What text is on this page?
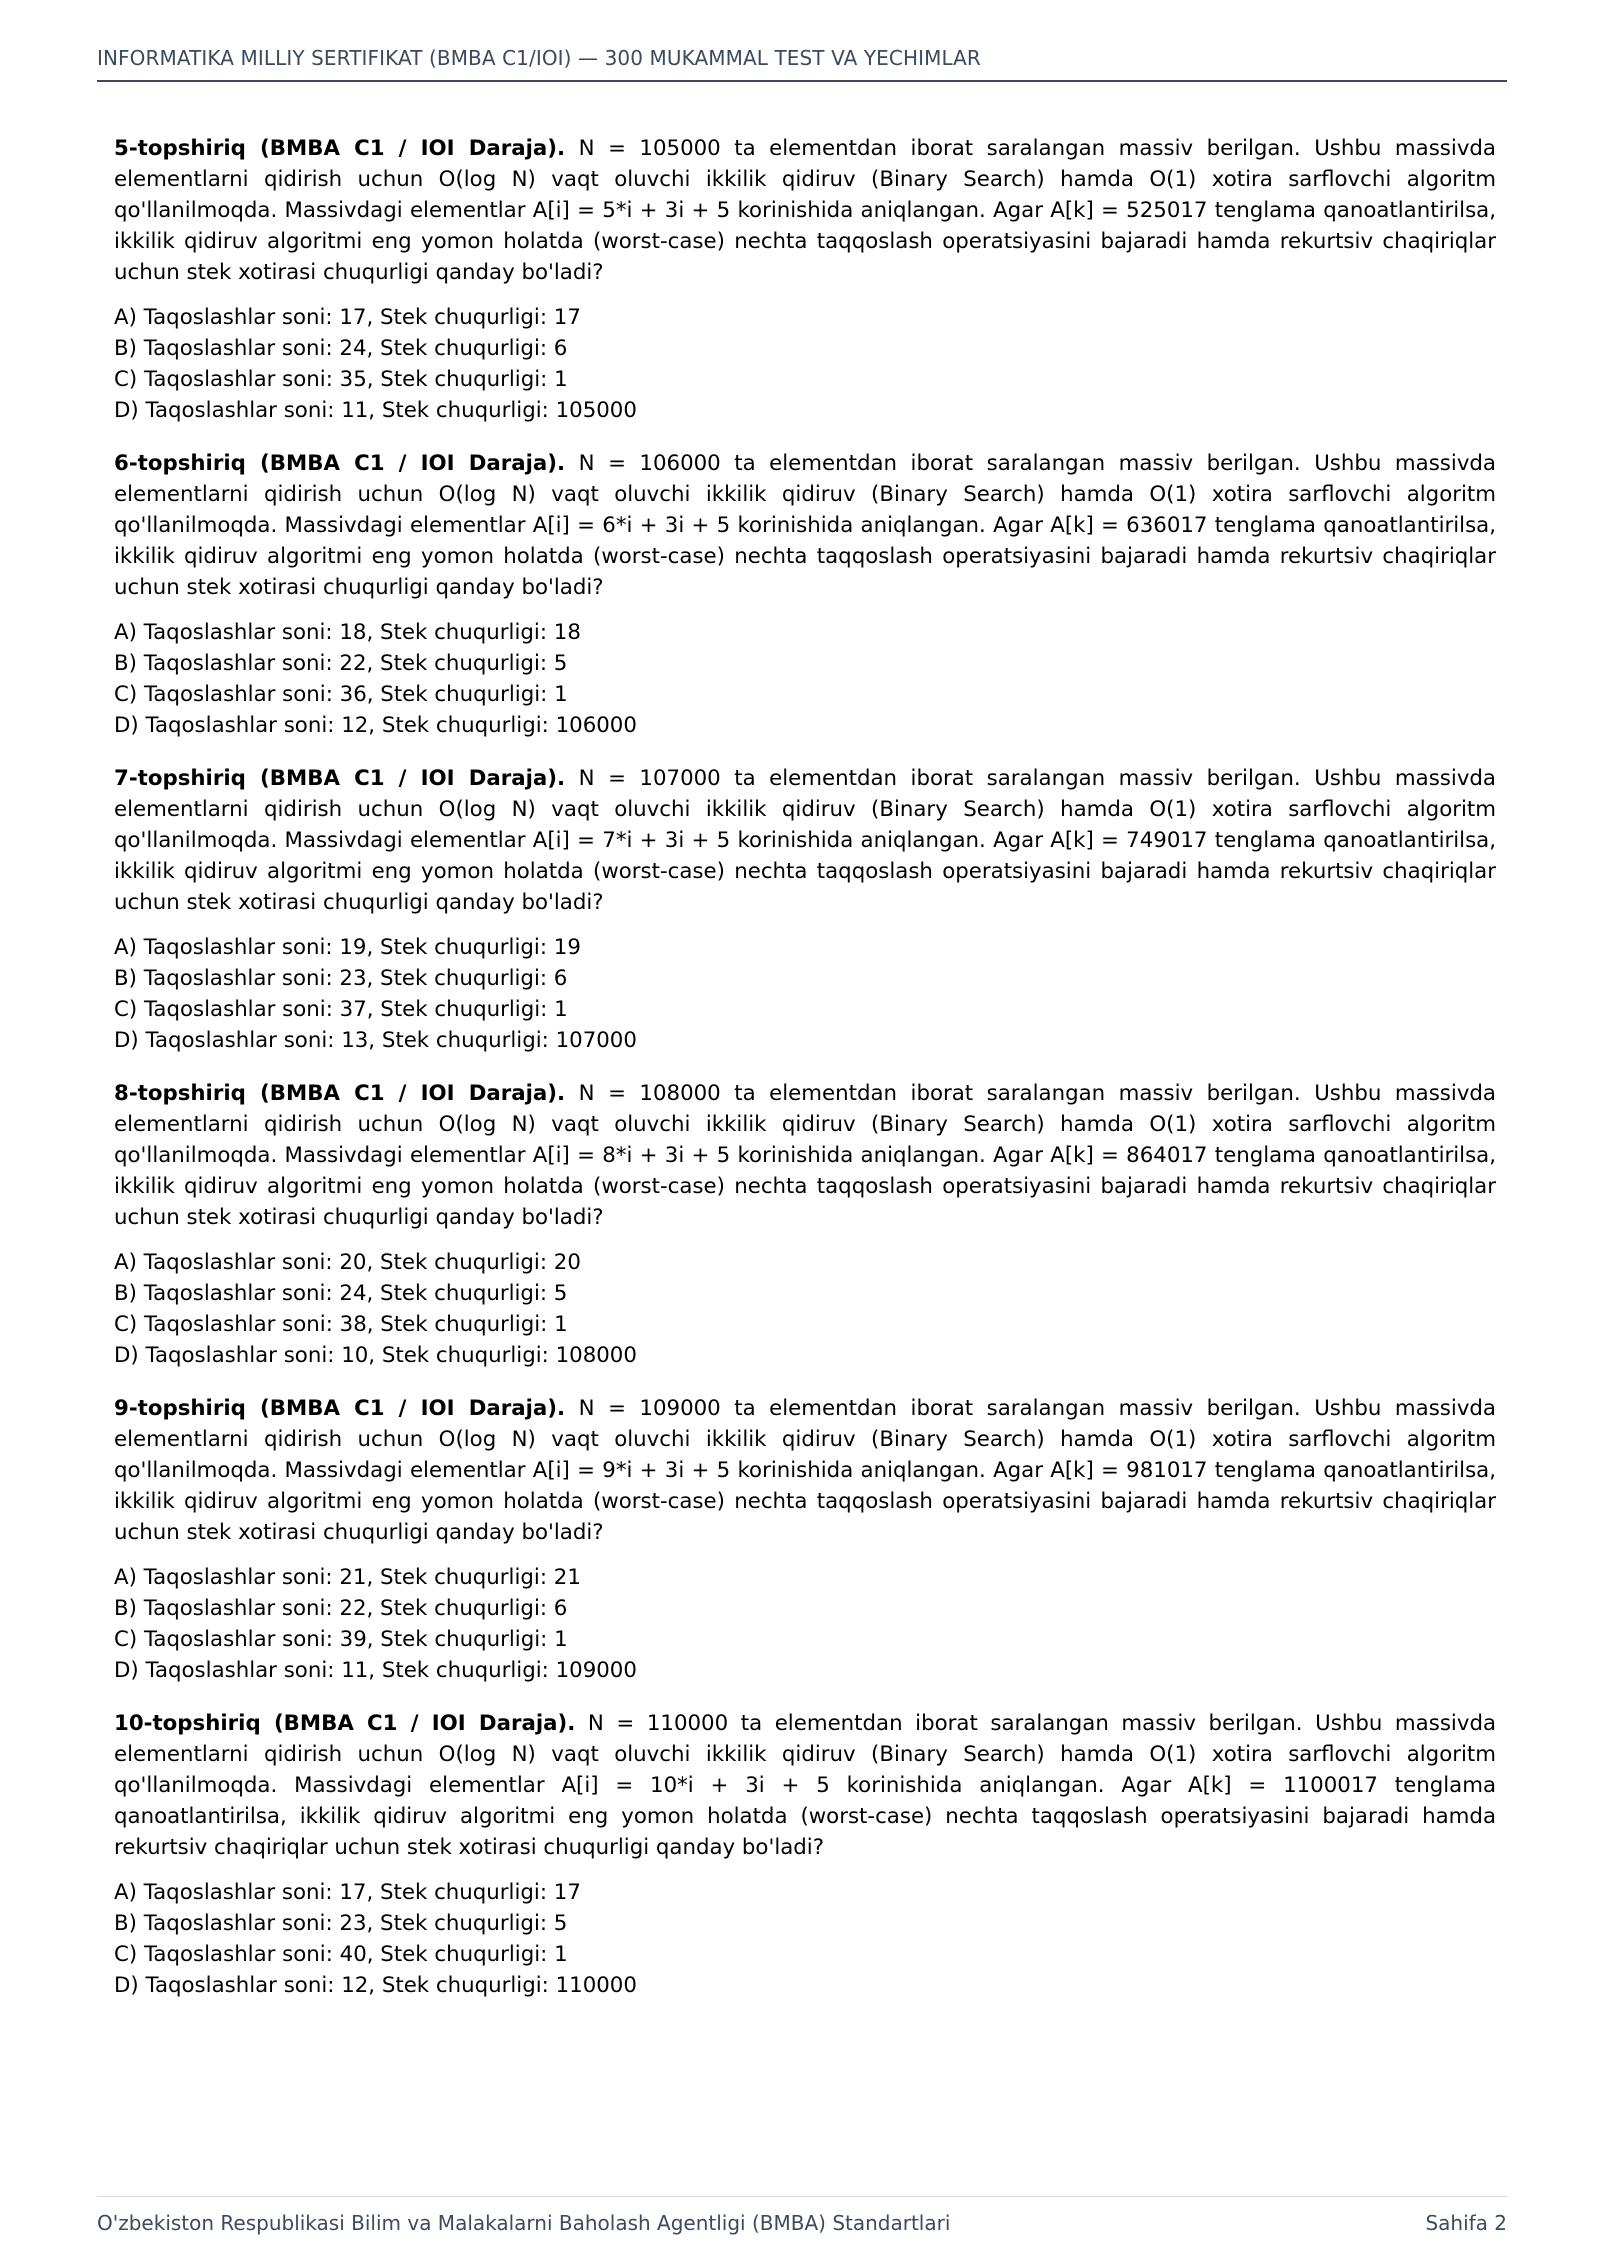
INFORMATIKA MILLIY SERTIFIKAT (BMBA C1/IOI) — 300 MUKAMMAL TEST VA YECHIMLAR

5-topshiriq (BMBA C1 / IOI Daraja). N = 105000 ta elementdan iborat saralangan massiv berilgan. Ushbu massivda elementlarni qidirish uchun O(log N) vaqt oluvchi ikkilik qidiruv (Binary Search) hamda O(1) xotira sarflovchi algoritm qo'llanilmoqda. Massivdagi elementlar A[i] = 5*i + 3i + 5 korinishida aniqlangan. Agar A[k] = 525017 tenglama qanoatlantirilsa, ikkilik qidiruv algoritmi eng yomon holatda (worst-case) nechta taqqoslash operatsiyasini bajaradi hamda rekurtsiv chaqiriqlar uchun stek xotirasi chuqurligi qanday bo'ladi?

A) Taqoslashlar soni: 17, Stek chuqurligi: 17
B) Taqoslashlar soni: 24, Stek chuqurligi: 6
C) Taqoslashlar soni: 35, Stek chuqurligi: 1
D) Taqoslashlar soni: 11, Stek chuqurligi: 105000

6-topshiriq (BMBA C1 / IOI Daraja). N = 106000 ta elementdan iborat saralangan massiv berilgan. Ushbu massivda elementlarni qidirish uchun O(log N) vaqt oluvchi ikkilik qidiruv (Binary Search) hamda O(1) xotira sarflovchi algoritm qo'llanilmoqda. Massivdagi elementlar A[i] = 6*i + 3i + 5 korinishida aniqlangan. Agar A[k] = 636017 tenglama qanoatlantirilsa, ikkilik qidiruv algoritmi eng yomon holatda (worst-case) nechta taqqoslash operatsiyasini bajaradi hamda rekurtsiv chaqiriqlar uchun stek xotirasi chuqurligi qanday bo'ladi?

A) Taqoslashlar soni: 18, Stek chuqurligi: 18
B) Taqoslashlar soni: 22, Stek chuqurligi: 5
C) Taqoslashlar soni: 36, Stek chuqurligi: 1
D) Taqoslashlar soni: 12, Stek chuqurligi: 106000

7-topshiriq (BMBA C1 / IOI Daraja). N = 107000 ta elementdan iborat saralangan massiv berilgan. Ushbu massivda elementlarni qidirish uchun O(log N) vaqt oluvchi ikkilik qidiruv (Binary Search) hamda O(1) xotira sarflovchi algoritm qo'llanilmoqda. Massivdagi elementlar A[i] = 7*i + 3i + 5 korinishida aniqlangan. Agar A[k] = 749017 tenglama qanoatlantirilsa, ikkilik qidiruv algoritmi eng yomon holatda (worst-case) nechta taqqoslash operatsiyasini bajaradi hamda rekurtsiv chaqiriqlar uchun stek xotirasi chuqurligi qanday bo'ladi?

A) Taqoslashlar soni: 19, Stek chuqurligi: 19
B) Taqoslashlar soni: 23, Stek chuqurligi: 6
C) Taqoslashlar soni: 37, Stek chuqurligi: 1
D) Taqoslashlar soni: 13, Stek chuqurligi: 107000

8-topshiriq (BMBA C1 / IOI Daraja). N = 108000 ta elementdan iborat saralangan massiv berilgan. Ushbu massivda elementlarni qidirish uchun O(log N) vaqt oluvchi ikkilik qidiruv (Binary Search) hamda O(1) xotira sarflovchi algoritm qo'llanilmoqda. Massivdagi elementlar A[i] = 8*i + 3i + 5 korinishida aniqlangan. Agar A[k] = 864017 tenglama qanoatlantirilsa, ikkilik qidiruv algoritmi eng yomon holatda (worst-case) nechta taqqoslash operatsiyasini bajaradi hamda rekurtsiv chaqiriqlar uchun stek xotirasi chuqurligi qanday bo'ladi?

A) Taqoslashlar soni: 20, Stek chuqurligi: 20
B) Taqoslashlar soni: 24, Stek chuqurligi: 5
C) Taqoslashlar soni: 38, Stek chuqurligi: 1
D) Taqoslashlar soni: 10, Stek chuqurligi: 108000

9-topshiriq (BMBA C1 / IOI Daraja). N = 109000 ta elementdan iborat saralangan massiv berilgan. Ushbu massivda elementlarni qidirish uchun O(log N) vaqt oluvchi ikkilik qidiruv (Binary Search) hamda O(1) xotira sarflovchi algoritm qo'llanilmoqda. Massivdagi elementlar A[i] = 9*i + 3i + 5 korinishida aniqlangan. Agar A[k] = 981017 tenglama qanoatlantirilsa, ikkilik qidiruv algoritmi eng yomon holatda (worst-case) nechta taqqoslash operatsiyasini bajaradi hamda rekurtsiv chaqiriqlar uchun stek xotirasi chuqurligi qanday bo'ladi?

A) Taqoslashlar soni: 21, Stek chuqurligi: 21
B) Taqoslashlar soni: 22, Stek chuqurligi: 6
C) Taqoslashlar soni: 39, Stek chuqurligi: 1
D) Taqoslashlar soni: 11, Stek chuqurligi: 109000

10-topshiriq (BMBA C1 / IOI Daraja). N = 110000 ta elementdan iborat saralangan massiv berilgan. Ushbu massivda elementlarni qidirish uchun O(log N) vaqt oluvchi ikkilik qidiruv (Binary Search) hamda O(1) xotira sarflovchi algoritm qo'llanilmoqda. Massivdagi elementlar A[i] = 10*i + 3i + 5 korinishida aniqlangan. Agar A[k] = 1100017 tenglama qanoatlantirilsa, ikkilik qidiruv algoritmi eng yomon holatda (worst-case) nechta taqqoslash operatsiyasini bajaradi hamda rekurtsiv chaqiriqlar uchun stek xotirasi chuqurligi qanday bo'ladi?

A) Taqoslashlar soni: 17, Stek chuqurligi: 17
B) Taqoslashlar soni: 23, Stek chuqurligi: 5
C) Taqoslashlar soni: 40, Stek chuqurligi: 1
D) Taqoslashlar soni: 12, Stek chuqurligi: 110000
O'zbekiston Respublikasi Bilim va Malakalarni Baholash Agentligi (BMBA) Standartlari	Sahifa 2
